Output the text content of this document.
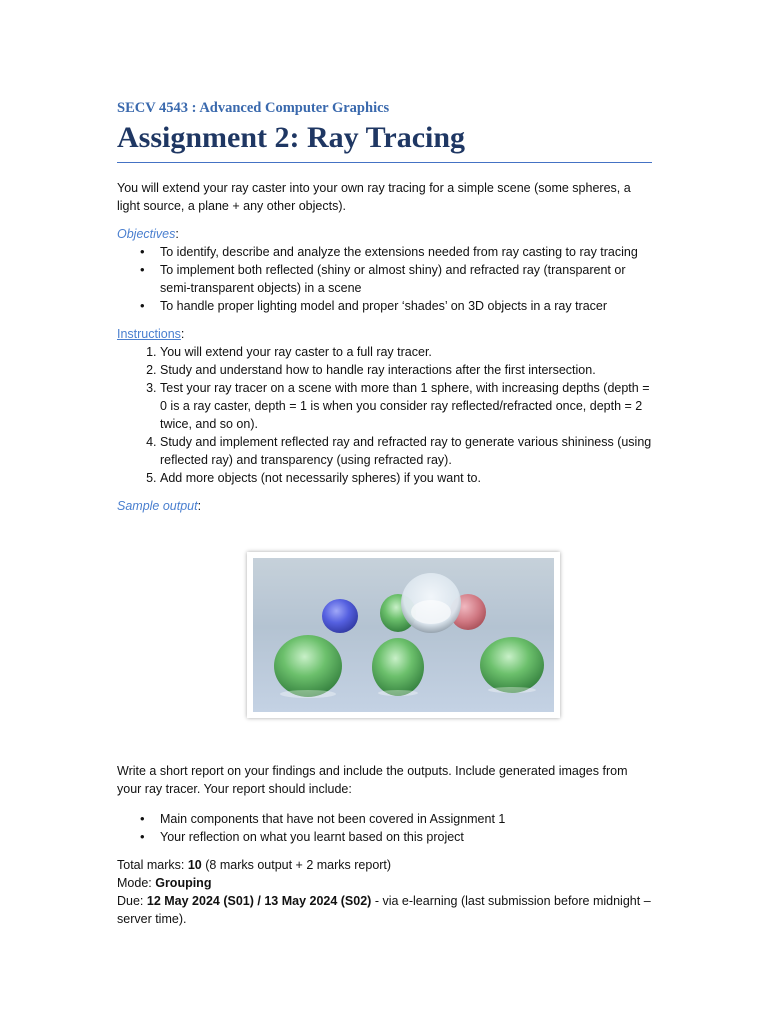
SECV 4543 : Advanced Computer Graphics

Assignment 2: Ray Tracing

You will extend your ray caster into your own ray tracing for a simple scene (some spheres, a light source, a plane + any other objects).

Objectives:
• To identify, describe and analyze the extensions needed from ray casting to ray tracing
• To implement both reflected (shiny or almost shiny) and refracted ray (transparent or semi-transparent objects) in a scene
• To handle proper lighting model and proper ‘shades’ on 3D objects in a ray tracer
Instructions:
1. You will extend your ray caster to a full ray tracer.
2. Study and understand how to handle ray interactions after the first intersection.
3. Test your ray tracer on a scene with more than 1 sphere, with increasing depths (depth = 0 is a ray caster, depth = 1 is when you consider ray reflected/refracted once, depth = 2 twice, and so on).
4. Study and implement reflected ray and refracted ray to generate various shininess (using reflected ray) and transparency (using refracted ray).
5. Add more objects (not necessarily spheres) if you want to.
Sample output:

Write a short report on your findings and include the outputs. Include generated images from your ray tracer. Your report should include:

• Main components that have not been covered in Assignment 1
• Your reflection on what you learnt based on this project

Total marks: 10 (8 marks output + 2 marks report)

Mode: Grouping

Due: 12 May 2024 (S01) / 13 May 2024 (S02) - via e-learning (last submission before midnight – server time).
